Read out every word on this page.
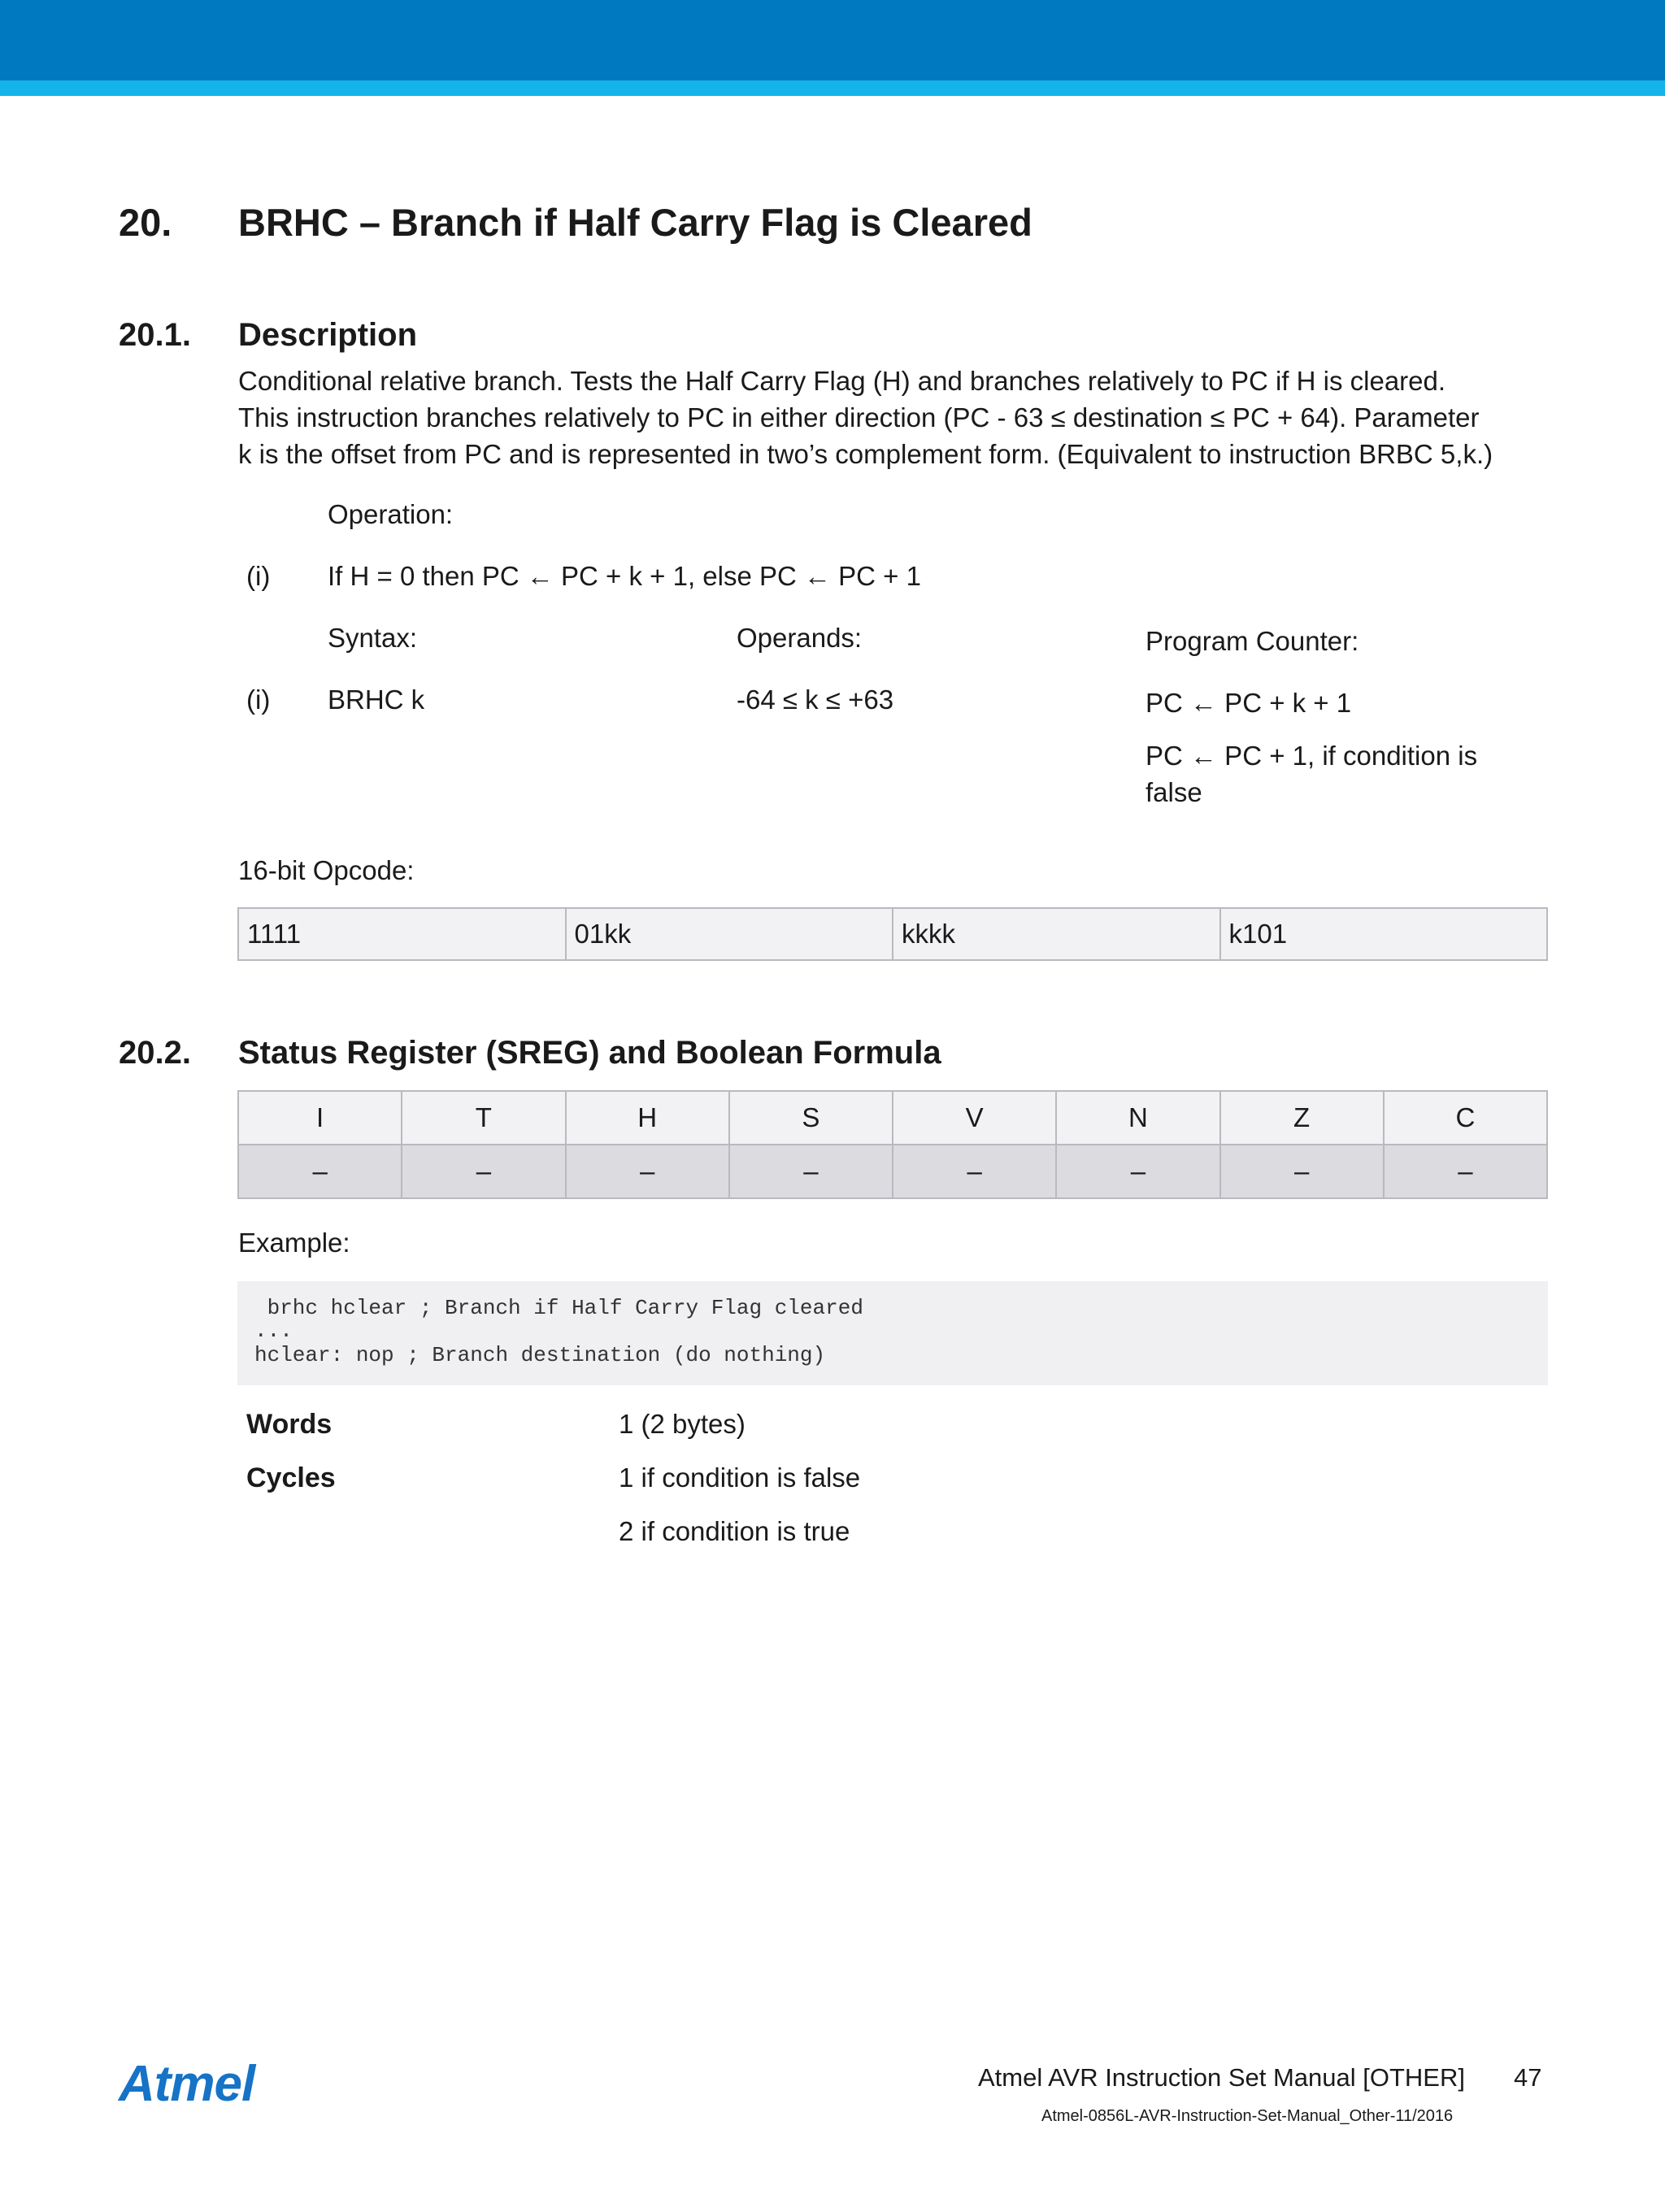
20. BRHC – Branch if Half Carry Flag is Cleared
20.1. Description
Conditional relative branch. Tests the Half Carry Flag (H) and branches relatively to PC if H is cleared.
This instruction branches relatively to PC in either direction (PC - 63 ≤ destination ≤ PC + 64). Parameter
k is the offset from PC and is represented in two’s complement form. (Equivalent to instruction BRBC 5,k.)
Operation:
(i) If H = 0 then PC ← PC + k + 1, else PC ← PC + 1
Syntax:	Operands:	Program Counter:
(i) BRHC k	-64 ≤ k ≤ +63	PC ← PC + k + 1
PC ← PC + 1, if condition is
false
16-bit Opcode:
1111	01kk	kkkk	k101
20.2. Status Register (SREG) and Boolean Formula
I	T	H	S	V	N	Z	C
–	–	–	–	–	–	–	–
Example:
brhc hclear ; Branch if Half Carry Flag cleared
...
hclear: nop ; Branch destination (do nothing)
Words	1 (2 bytes)
Cycles	1 if condition is false
2 if condition is true
Atmel	Atmel AVR Instruction Set Manual [OTHER] 47
Atmel-0856L-AVR-Instruction-Set-Manual_Other-11/2016
